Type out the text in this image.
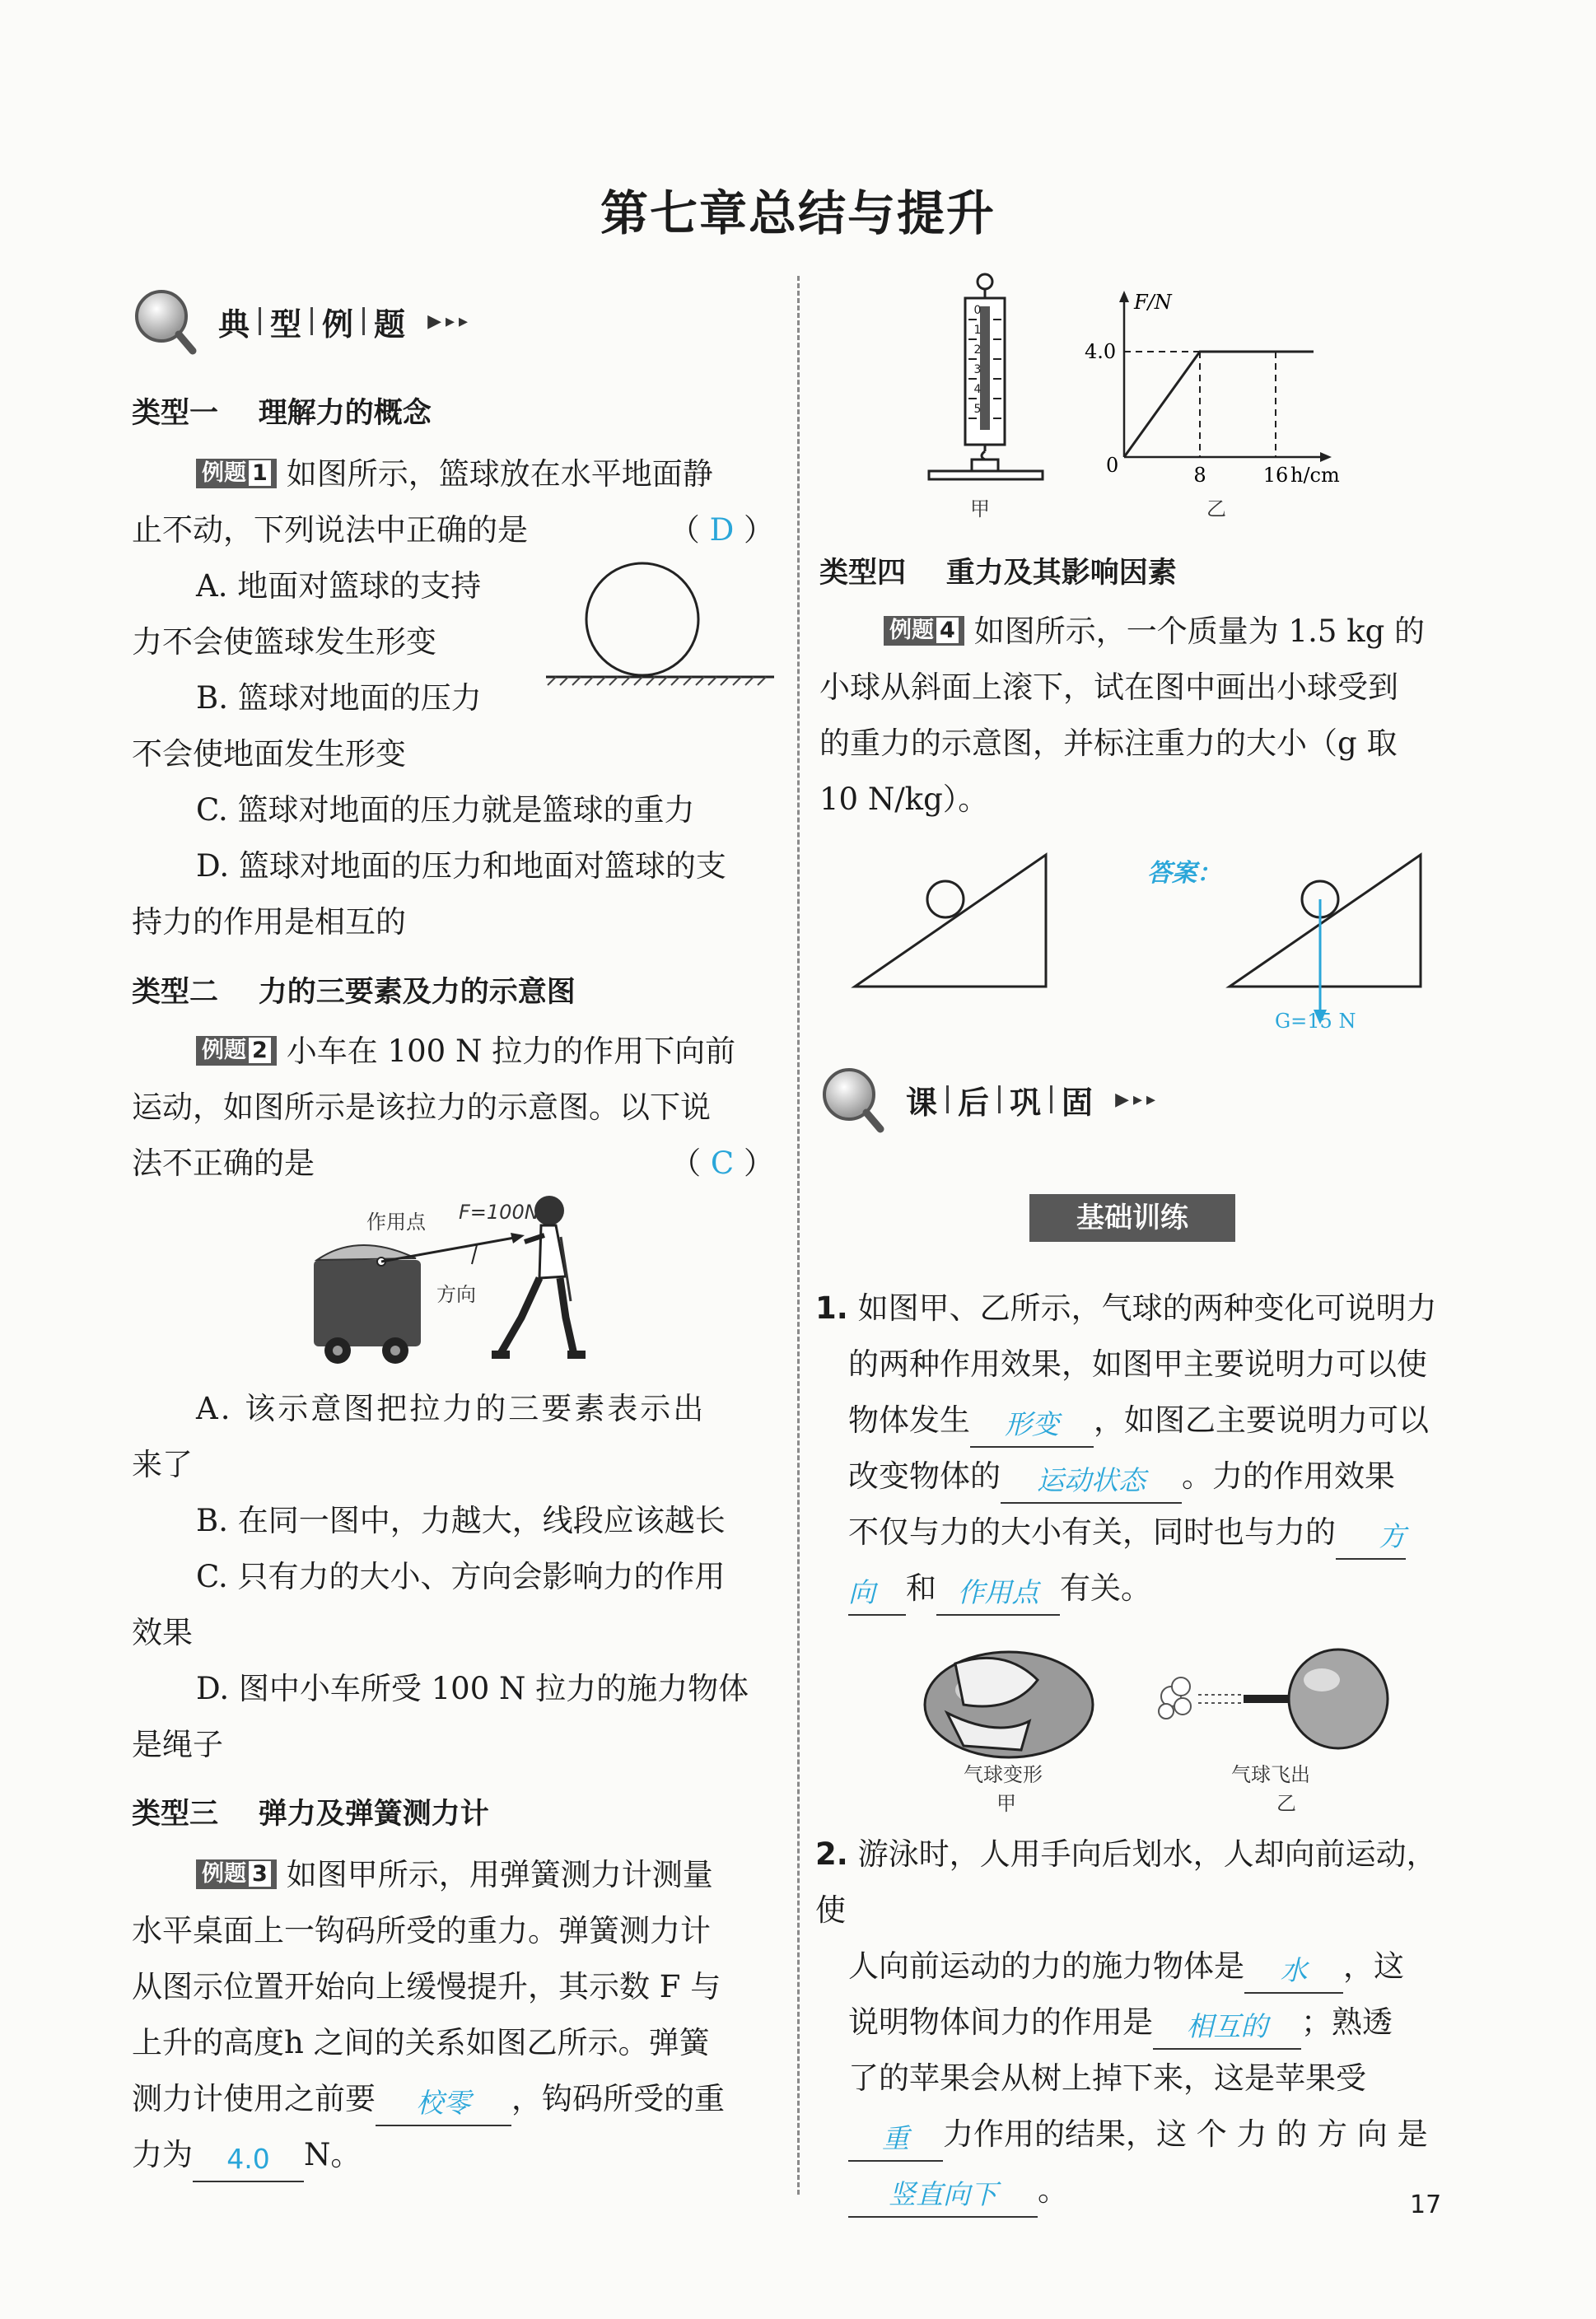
第七章总结与提升
典 型 例 题	▶▸▸
类型一 理解力的概念
例题 1 如图所示，篮球放在水平地面静
止不动，下列说法中正确的是	（ D ）
A. 地面对篮球的支持
力不会使篮球发生形变
B. 篮球对地面的压力
不会使地面发生形变
C. 篮球对地面的压力就是篮球的重力
D. 篮球对地面的压力和地面对篮球的支
持力的作用是相互的
类型二 力的三要素及力的示意图
例题 2 小车在 100 N 拉力的作用下向前
运动，如图所示是该拉力的示意图。以下说
法不正确的是	（ C ）
作用点 F=100N
方向
A. 该示意图把拉力的三要素表示出
来了
B. 在同一图中，力越大，线段应该越长
C. 只有力的大小、方向会影响力的作用
效果
D. 图中小车所受 100 N 拉力的施力物体
是绳子
类型三 弹力及弹簧测力计
例题 3 如图甲所示，用弹簧测力计测量
水平桌面上一钩码所受的重力。弹簧测力计
从图示位置开始向上缓慢提升，其示数 F 与
上升的高度h 之间的关系如图乙所示。弹簧
测力计使用之前要 校零 ，钩码所受的重
力为 4.0 N。
0
1
2
3
4
5
甲
F/N
h/cm
4.0
0	8	16
乙
类型四 重力及其影响因素
例题 4 如图所示，一个质量为 1.5 kg 的
小球从斜面上滚下，试在图中画出小球受到
的重力的示意图，并标注重力的大小（g 取
10 N/kg）。
答案：
G=15 N
课 后 巩 固	▶▸▸
基础训练
1. 如图甲、乙所示，气球的两种变化可说明力
的两种作用效果，如图甲主要说明力可以使
物体发生 形变 ，如图乙主要说明力可以
改变物体的 运动状态 。力的作用效果
不仅与力的大小有关，同时也与力的 方
向 和 作用点 有关。
气球变形
甲
气球飞出
乙
2. 游泳时，人用手向后划水，人却向前运动，使
人向前运动的力的施力物体是 水 ，这
说明物体间力的作用是 相互的 ；熟透
了的苹果会从树上掉下来，这是苹果受
重 力作用的结果，这 个 力 的 方 向 是
竖直向下 。	17
